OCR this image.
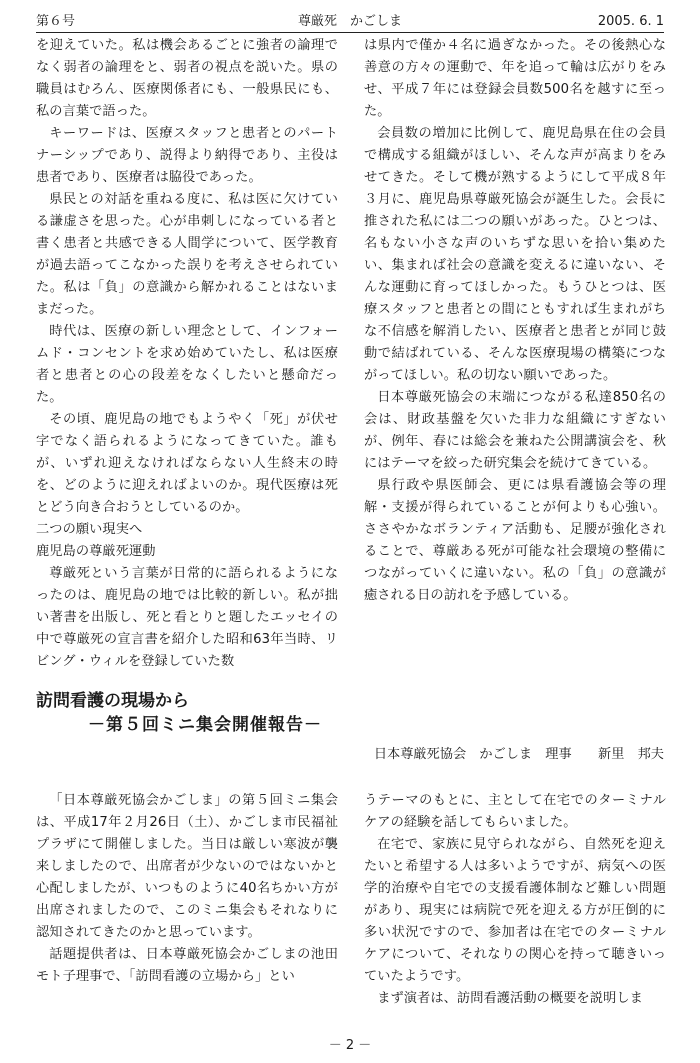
第６号	尊厳死　かごしま	2005. 6. 1

を迎えていた。私は機会あるごとに強者の論理でなく弱者の論理をと、弱者の視点を説いた。県の職員はむろん、医療関係者にも、一般県民にも、私の言葉で語った。

キーワードは、医療スタッフと患者とのパートナーシップであり、説得より納得であり、主役は患者であり、医療者は脇役であった。

県民との対話を重ねる度に、私は医に欠けている謙虚さを思った。心が串刺しになっている者と書く患者と共感できる人間学について、医学教育が過去語ってこなかった誤りを考えさせられていた。私は「負」の意識から解かれることはないままだった。

時代は、医療の新しい理念として、インフォームド・コンセントを求め始めていたし、私は医療者と患者との心の段差をなくしたいと懸命だった。

その頃、鹿児島の地でもようやく「死」が伏せ字でなく語られるようになってきていた。誰もが、いずれ迎えなければならない人生終末の時を、どのように迎えればよいのか。現代医療は死とどう向き合おうとしているのか。

二つの願い現実へ

鹿児島の尊厳死運動

尊厳死という言葉が日常的に語られるようになったのは、鹿児島の地では比較的新しい。私が拙い著書を出版し、死と看とりと題したエッセイの中で尊厳死の宣言書を紹介した昭和63年当時、リビング・ウィルを登録していた数

は県内で僅か４名に過ぎなかった。その後熱心な善意の方々の運動で、年を追って輪は広がりをみせ、平成７年には登録会員数500名を越すに至った。

会員数の増加に比例して、鹿児島県在住の会員で構成する組織がほしい、そんな声が高まりをみせてきた。そして機が熟するようにして平成８年３月に、鹿児島県尊厳死協会が誕生した。会長に推された私には二つの願いがあった。ひとつは、名もない小さな声のいちずな思いを拾い集めたい、集まれば社会の意識を変えるに違いない、そんな運動に育ってほしかった。もうひとつは、医療スタッフと患者との間にともすれば生まれがちな不信感を解消したい、医療者と患者とが同じ鼓動で結ばれている、そんな医療現場の構築につながってほしい。私の切ない願いであった。

日本尊厳死協会の末端につながる私達850名の会は、財政基盤を欠いた非力な組織にすぎないが、例年、春には総会を兼ねた公開講演会を、秋にはテーマを絞った研究集会を続けてきている。

県行政や県医師会、更には県看護協会等の理解・支援が得られていることが何よりも心強い。ささやかなボランティア活動も、足腰が強化されることで、尊厳ある死が可能な社会環境の整備につながっていくに違いない。私の「負」の意識が癒される日の訪れを予感している。

訪問看護の現場から
－第５回ミニ集会開催報告－
日本尊厳死協会　かごしま　理事　　新里　邦夫

「日本尊厳死協会かごしま」の第５回ミニ集会は、平成17年２月26日（土）、かごしま市民福祉プラザにて開催しました。当日は厳しい寒波が襲来しましたので、出席者が少ないのではないかと心配しましたが、いつものように40名ちかい方が出席されましたので、このミニ集会もそれなりに認知されてきたのかと思っています。

話題提供者は、日本尊厳死協会かごしまの池田モト子理事で、「訪問看護の立場から」とい

うテーマのもとに、主として在宅でのターミナルケアの経験を話してもらいました。

在宅で、家族に見守られながら、自然死を迎えたいと希望する人は多いようですが、病気への医学的治療や自宅での支援看護体制など難しい問題があり、現実には病院で死を迎える方が圧倒的に多い状況ですので、参加者は在宅でのターミナルケアについて、それなりの関心を持って聴きいっていたようです。

まず演者は、訪問看護活動の概要を説明しま

－ 2 －
